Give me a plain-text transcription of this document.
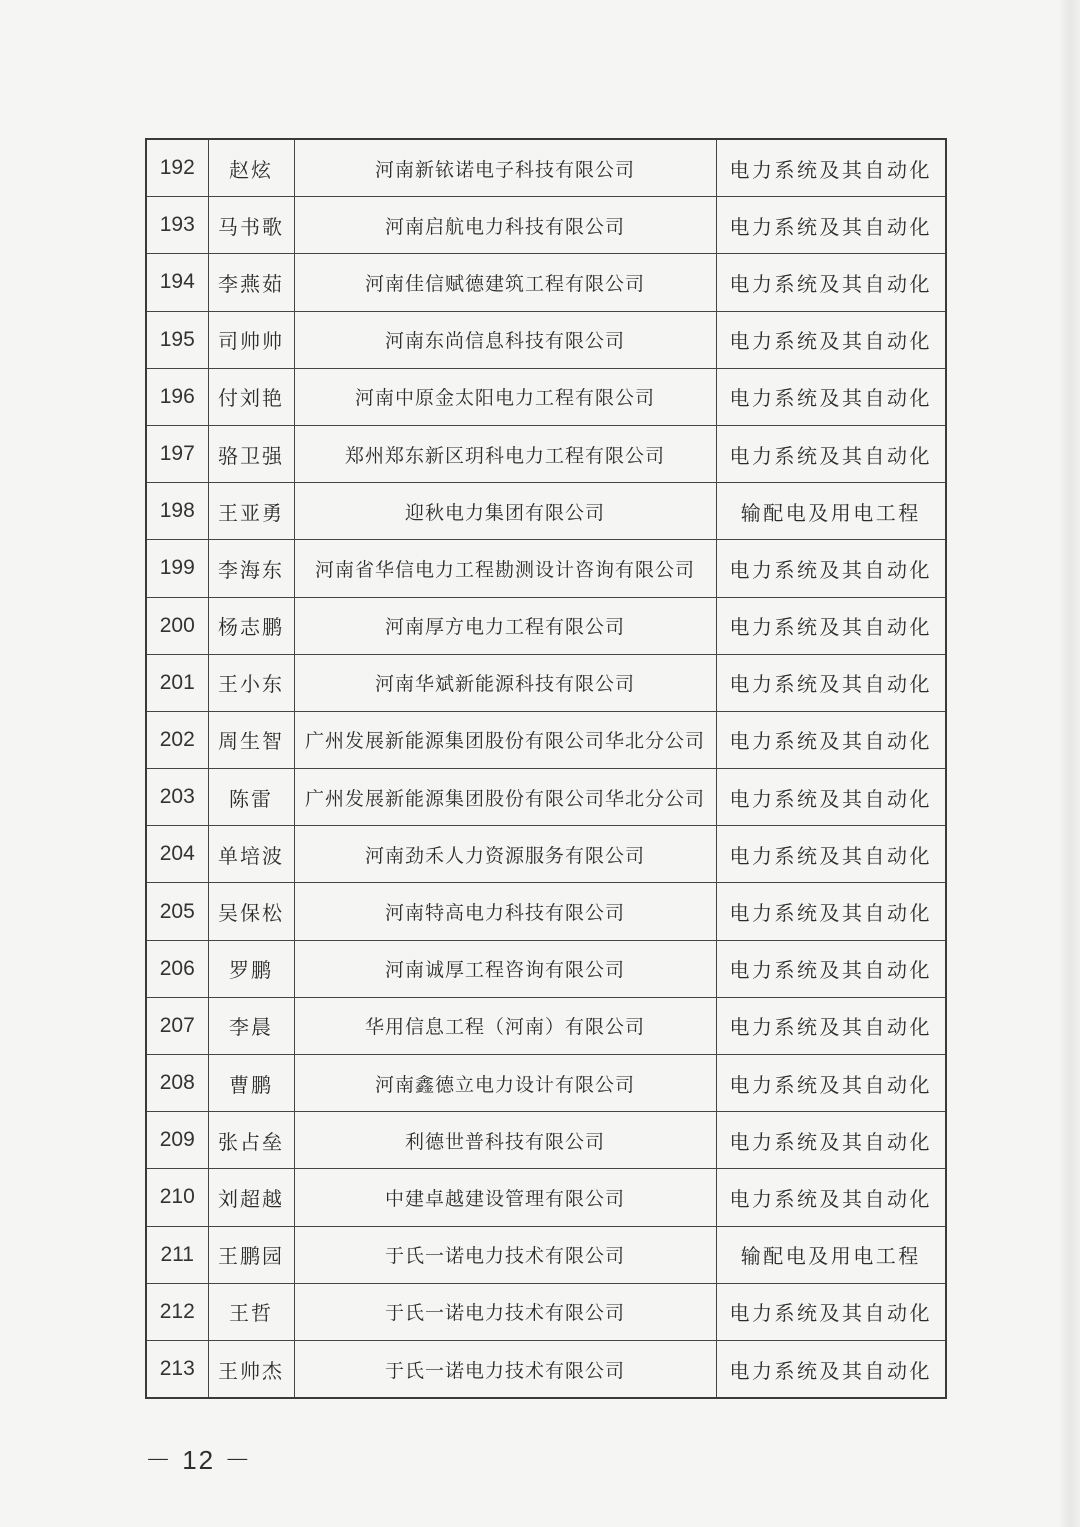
192	赵炫	河南新铱诺电子科技有限公司	电力系统及其自动化
193	马书歌	河南启航电力科技有限公司	电力系统及其自动化
194	李燕茹	河南佳信赋德建筑工程有限公司	电力系统及其自动化
195	司帅帅	河南东尚信息科技有限公司	电力系统及其自动化
196	付刘艳	河南中原金太阳电力工程有限公司	电力系统及其自动化
197	骆卫强	郑州郑东新区玥科电力工程有限公司	电力系统及其自动化
198	王亚勇	迎秋电力集团有限公司	输配电及用电工程
199	李海东	河南省华信电力工程勘测设计咨询有限公司	电力系统及其自动化
200	杨志鹏	河南厚方电力工程有限公司	电力系统及其自动化
201	王小东	河南华斌新能源科技有限公司	电力系统及其自动化
202	周生智	广州发展新能源集团股份有限公司华北分公司	电力系统及其自动化
203	陈雷	广州发展新能源集团股份有限公司华北分公司	电力系统及其自动化
204	单培波	河南劲禾人力资源服务有限公司	电力系统及其自动化
205	吴保松	河南特高电力科技有限公司	电力系统及其自动化
206	罗鹏	河南诚厚工程咨询有限公司	电力系统及其自动化
207	李晨	华用信息工程（河南）有限公司	电力系统及其自动化
208	曹鹏	河南鑫德立电力设计有限公司	电力系统及其自动化
209	张占垒	利德世普科技有限公司	电力系统及其自动化
210	刘超越	中建卓越建设管理有限公司	电力系统及其自动化
211	王鹏园	于氏一诺电力技术有限公司	输配电及用电工程
212	王哲	于氏一诺电力技术有限公司	电力系统及其自动化
213	王帅杰	于氏一诺电力技术有限公司	电力系统及其自动化
－ 12 －
